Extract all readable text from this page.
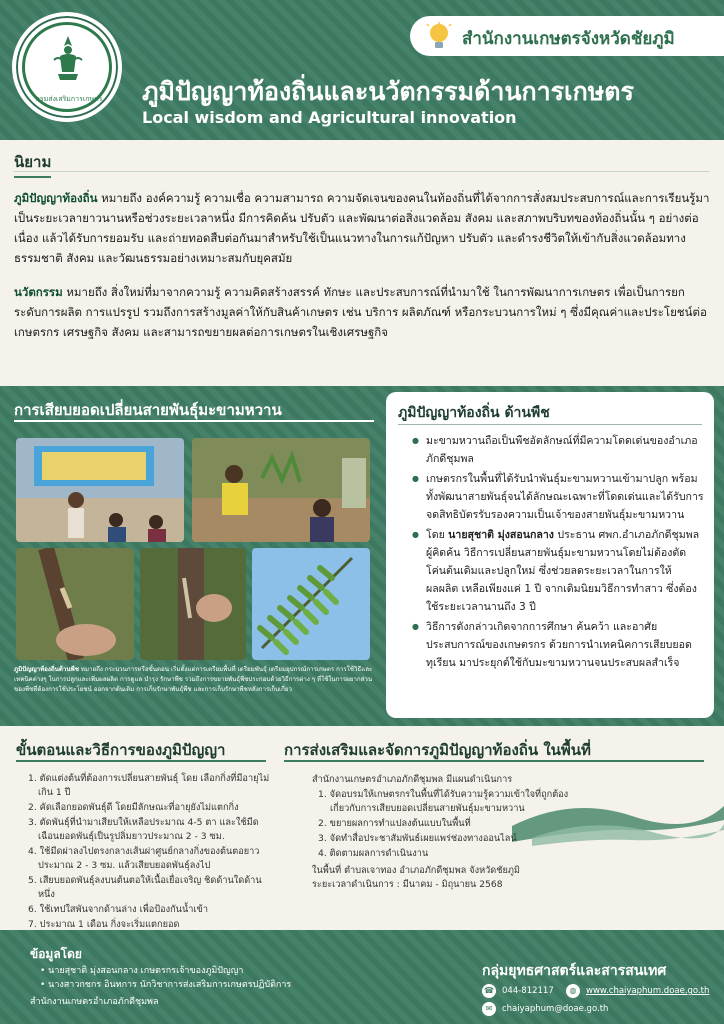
กรมส่งเสริมการเกษตร
สำนักงานเกษตรจังหวัดชัยภูมิ
ภูมิปัญญาท้องถิ่นและนวัตกรรมด้านการเกษตร
Local wisdom and Agricultural innovation
นิยาม

ภูมิปัญญาท้องถิ่น หมายถึง องค์ความรู้ ความเชื่อ ความสามารถ ความจัดเจนของคนในท้องถิ่นที่ได้จากการสั่งสมประสบการณ์และการเรียนรู้มาเป็นระยะเวลายาวนานหรือช่วงระยะเวลาหนึ่ง มีการคิดค้น ปรับตัว และพัฒนาต่อสิ่งแวดล้อม สังคม และสภาพบริบทของท้องถิ่นนั้น ๆ อย่างต่อเนื่อง แล้วได้รับการยอมรับ และถ่ายทอดสืบต่อกันมาสำหรับใช้เป็นแนวทางในการแก้ปัญหา ปรับตัว และดำรงชีวิตให้เข้ากับสิ่งแวดล้อมทางธรรมชาติ สังคม และวัฒนธรรมอย่างเหมาะสมกับยุคสมัย

นวัตกรรม หมายถึง สิ่งใหม่ที่มาจากความรู้ ความคิดสร้างสรรค์ ทักษะ และประสบการณ์ที่นำมาใช้ ในการพัฒนาการเกษตร เพื่อเป็นการยกระดับการผลิต การแปรรูป รวมถึงการสร้างมูลค่าให้กับสินค้าเกษตร เช่น บริการ ผลิตภัณฑ์ หรือกระบวนการใหม่ ๆ ซึ่งมีคุณค่าและประโยชน์ต่อเกษตรกร เศรษฐกิจ สังคม และสามารถขยายผลต่อการเกษตรในเชิงเศรษฐกิจ

การเสียบยอดเปลี่ยนสายพันธุ์มะขามหวาน

ภูมิปัญญาท้องถิ่นด้านพืช หมายถึง กระบวนการหรือขั้นตอน เริ่มตั้งแต่การเตรียมพื้นที่ เตรียมพันธุ์ เตรียมอุปกรณ์การเกษตร การใช้วิธีและเทคนิคต่างๆ ในการปลูกและเพิ่มผลผลิต การดูแล บำรุง รักษาพืช รวมถึงการขยายพันธุ์พืชประกอบด้วยวิธีการต่าง ๆ ที่ใช้ในการผยากส่วนของพืชที่ต้องการใช้ประโยชน์ ออกจากต้นเดิม การเก็บรักษาพันธุ์พืช และการเก็บรักษาพืชหลังการเก็บเกี่ยว

ภูมิปัญญาท้องถิ่น ด้านพืช
● มะขามหวานถือเป็นพืชอัตลักษณ์ที่มีความโดดเด่นของอำเภอภักดีชุมพล
● เกษตรกรในพื้นที่ได้รับนำพันธุ์มะขามหวานเข้ามาปลูก พร้อมทั้งพัฒนาสายพันธุ์จนได้ลักษณะเฉพาะที่โดดเด่นและได้รับการจดสิทธิบัตรรับรองความเป็นเจ้าของสายพันธุ์มะขามหวาน
● โดย นายสุชาติ มุ่งสอนกลาง ประธาน ศพก.อำเภอภักดีชุมพล ผู้คิดค้น วิธีการเปลี่ยนสายพันธุ์มะขามหวานโดยไม่ต้องตัดโค่นต้นเดิมและปลูกใหม่ ซึ่งช่วยลดระยะเวลาในการให้ผลผลิต เหลือเพียงแค่ 1 ปี จากเดิมนิยมวิธีการทำสาว ซึ่งต้องใช้ระยะเวลานานถึง 3 ปี
● วิธีการดังกล่าวเกิดจากการศึกษา ค้นคว้า และอาศัยประสบการณ์ของเกษตรกร ด้วยการนำเทคนิคการเสียบยอดทุเรียน มาประยุกต์ใช้กับมะขามหวานจนประสบผลสำเร็จ
ขั้นตอนและวิธีการของภูมิปัญญา
1. ตัดแต่งต้นที่ต้องการเปลี่ยนสายพันธุ์ โดย เลือกกิ่งที่มีอายุไม่เกิน 1 ปี
2. คัดเลือกยอดพันธุ์ดี โดยมีลักษณะที่อายุยังไม่แตกกิ่ง
3. ตัดพันธุ์ที่นำมาเสียบให้เหลือประมาณ 4-5 ตา และใช้มีดเฉือนยอดพันธุ์เป็นรูปลิ่มยาวประมาณ 2 - 3 ซม.
4. ใช้มีดผ่าลงไปตรงกลางเส้นผ่าศูนย์กลางกิ่งของต้นตอยาวประมาณ 2 - 3 ซม. แล้วเสียบยอดพันธุ์ลงไป
5. เสียบยอดพันธุ์ลงบนต้นตอให้เนื้อเยื่อเจริญ ชิดด้านใดด้านหนึ่ง
6. ใช้เทปใสพันจากด้านล่าง เพื่อป้องกันน้ำเข้า
7. ประมาณ 1 เดือน กิ่งจะเริ่มแตกยอด
การส่งเสริมและจัดการภูมิปัญญาท้องถิ่น ในพื้นที่
สำนักงานเกษตรอำเภอภักดีชุมพล มีแผนดำเนินการ
1. จัดอบรมให้เกษตรกรในพื้นที่ได้รับความรู้ความเข้าใจที่ถูกต้องเกี่ยวกับการเสียบยอดเปลี่ยนสายพันธุ์มะขามหวาน
2. ขยายผลการทำแปลงต้นแบบในพื้นที่
3. จัดทำสื่อประชาสัมพันธ์เผยแพร่ช่องทางออนไลน์
4. ติดตามผลการดำเนินงาน
ในพื้นที่ ตำบลเจาทอง อำเภอภักดีชุมพล จังหวัดชัยภูมิ
ระยะเวลาดำเนินการ : มีนาคม - มิถุนายน 2568
ข้อมูลโดย
• นายสุชาติ มุ่งสอนกลาง เกษตรกรเจ้าของภูมิปัญญา
• นางสาวกชกร อินทการ นักวิชาการส่งเสริมการเกษตรปฏิบัติการ
สำนักงานเกษตรอำเภอภักดีชุมพล
กลุ่มยุทธศาสตร์และสารสนเทศ
☎ 044-812117	◍	www.chaiyaphum.doae.go.th
✉	chaiyaphum@doae.go.th
